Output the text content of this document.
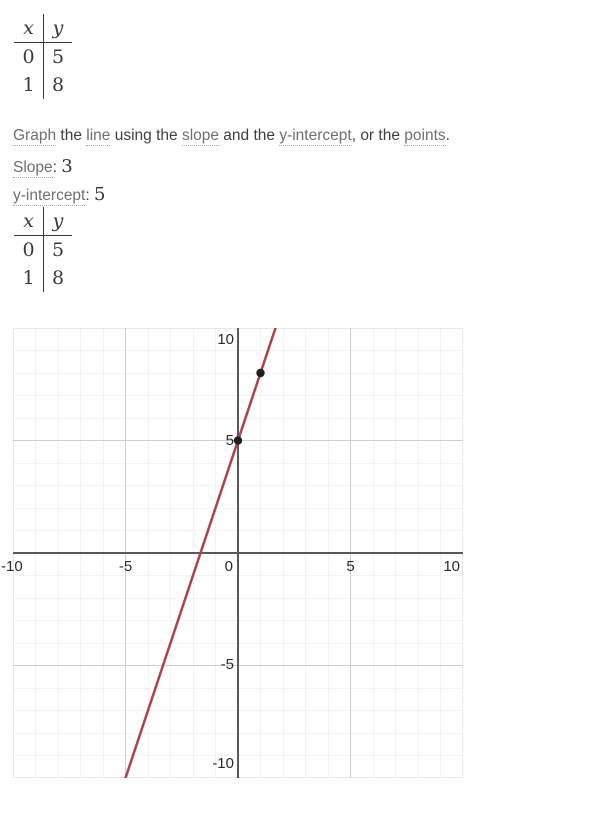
x y
0 5
1 8
Graph the line using the slope and the y-intercept, or the points.
Slope: 3
y-intercept: 5
x y
0 5
1 8
-10	-5	0	5	10
10
5
-5
-10
